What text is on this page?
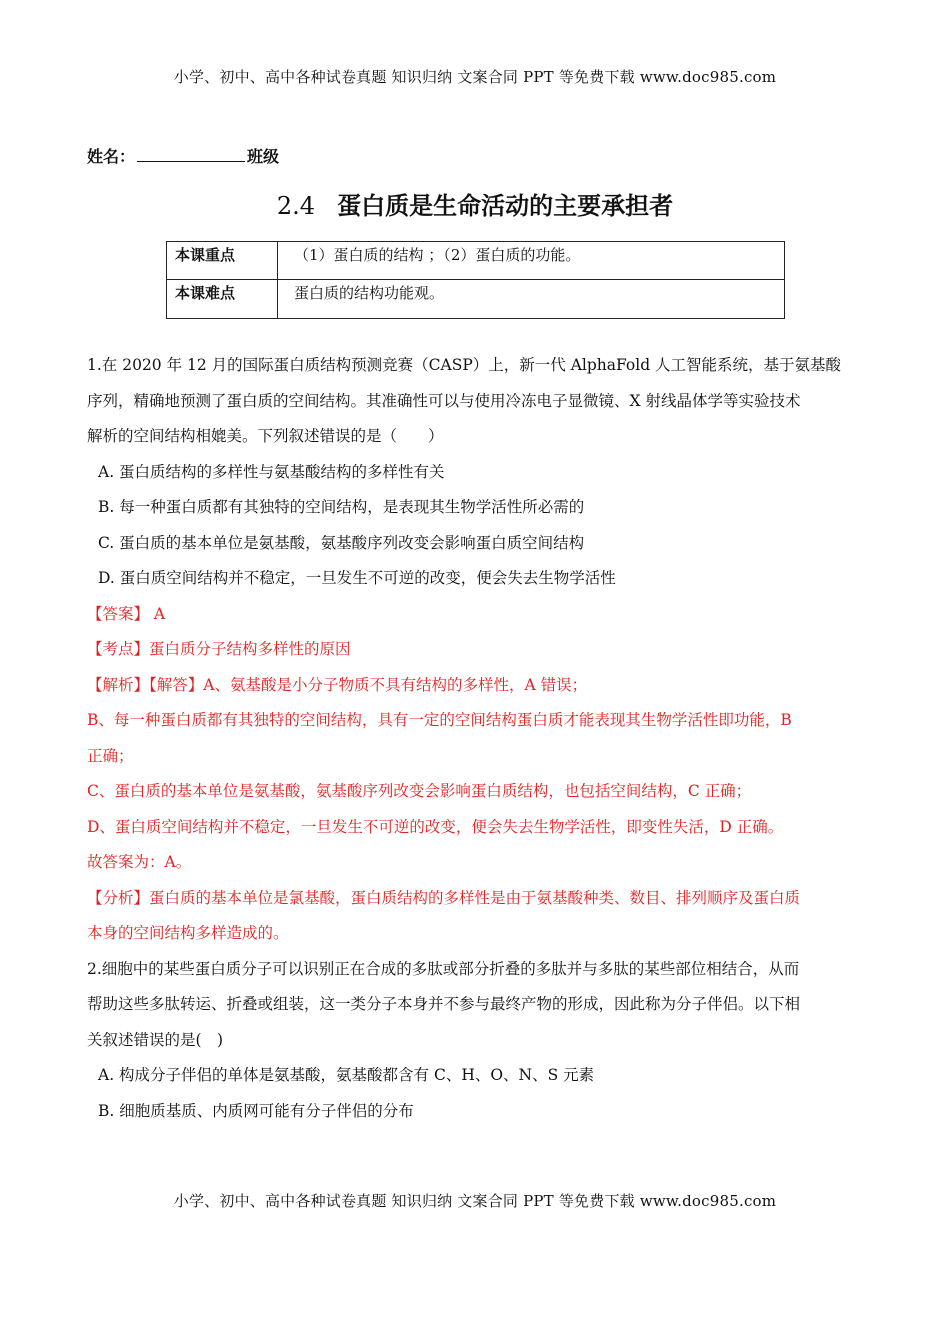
小学、初中、高中各种试卷真题 知识归纳 文案合同 PPT 等免费下载 www.doc985.com
姓名：	班级
2.4 蛋白质是生命活动的主要承担者
本课重点	（1）蛋白质的结构 ；（2）蛋白质的功能。
本课难点	蛋白质的结构功能观。
1.在 2020 年 12 月的国际蛋白质结构预测竞赛（CASP）上，新一代 AlphaFold 人工智能系统，基于氨基酸
序列，精确地预测了蛋白质的空间结构。其准确性可以与使用冷冻电子显微镜、X 射线晶体学等实验技术
解析的空间结构相媲美。下列叙述错误的是（　　）
A. 蛋白质结构的多样性与氨基酸结构的多样性有关
B. 每一种蛋白质都有其独特的空间结构，是表现其生物学活性所必需的
C. 蛋白质的基本单位是氨基酸，氨基酸序列改变会影响蛋白质空间结构
D. 蛋白质空间结构并不稳定，一旦发生不可逆的改变，便会失去生物学活性
【答案】 A
【考点】蛋白质分子结构多样性的原因
【解析】【解答】A、氨基酸是小分子物质不具有结构的多样性，A 错误；
B、每一种蛋白质都有其独特的空间结构，具有一定的空间结构蛋白质才能表现其生物学活性即功能，B
正确；
C、蛋白质的基本单位是氨基酸，氨基酸序列改变会影响蛋白质结构，也包括空间结构，C 正确；
D、蛋白质空间结构并不稳定，一旦发生不可逆的改变，便会失去生物学活性，即变性失活，D 正确。
故答案为：A。
【分析】蛋白质的基本单位是氯基酸，蛋白质结构的多样性是由于氨基酸种类、数目、排列顺序及蛋白质
本身的空间结构多样造成的。
2.细胞中的某些蛋白质分子可以识别正在合成的多肽或部分折叠的多肽并与多肽的某些部位相结合，从而
帮助这些多肽转运、折叠或组装，这一类分子本身并不参与最终产物的形成，因此称为分子伴侣。以下相
关叙述错误的是(　)
A. 构成分子伴侣的单体是氨基酸，氨基酸都含有 C、H、O、N、S 元素
B. 细胞质基质、内质网可能有分子伴侣的分布
小学、初中、高中各种试卷真题 知识归纳 文案合同 PPT 等免费下载 www.doc985.com
